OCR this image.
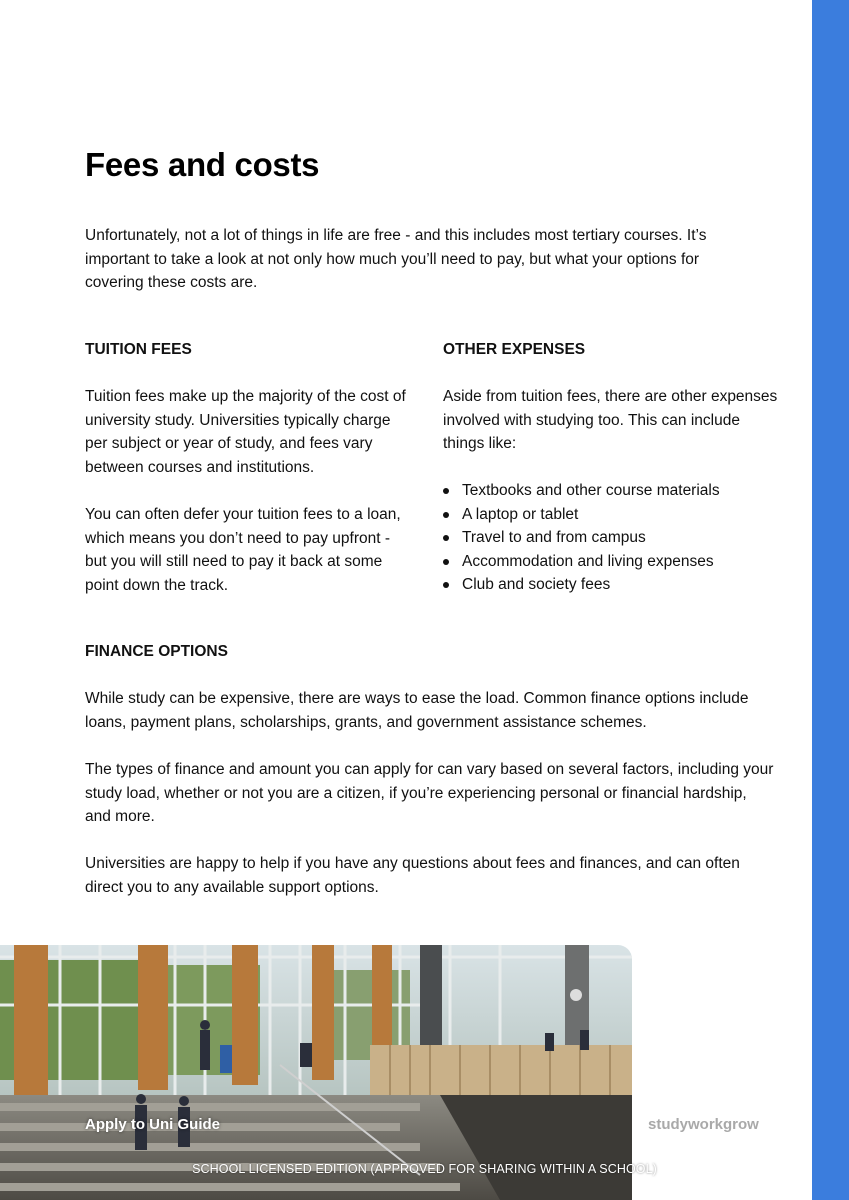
Fees and costs

Unfortunately, not a lot of things in life are free - and this includes most tertiary courses. It’s important to take a look at not only how much you’ll need to pay, but what your options for covering these costs are.

TUITION FEES

Tuition fees make up the majority of the cost of university study. Universities typically charge per subject or year of study, and fees vary between courses and institutions.

You can often defer your tuition fees to a loan, which means you don’t need to pay upfront - but you will still need to pay it back at some point down the track.

OTHER EXPENSES

Aside from tuition fees, there are other expenses involved with studying too. This can include things like:

Textbooks and other course materials
A laptop or tablet
Travel to and from campus
Accommodation and living expenses
Club and society fees
FINANCE OPTIONS

While study can be expensive, there are ways to ease the load. Common finance options include loans, payment plans, scholarships, grants, and government assistance schemes.

The types of finance and amount you can apply for can vary based on several factors, including your study load, whether or not you are a citizen, if you’re experiencing personal or financial hardship, and more.

Universities are happy to help if you have any questions about fees and finances, and can often direct you to any available support options.

Apply to Uni Guide	studyworkgrow
SCHOOL LICENSED EDITION (APPROVED FOR SHARING WITHIN A SCHOOL)
